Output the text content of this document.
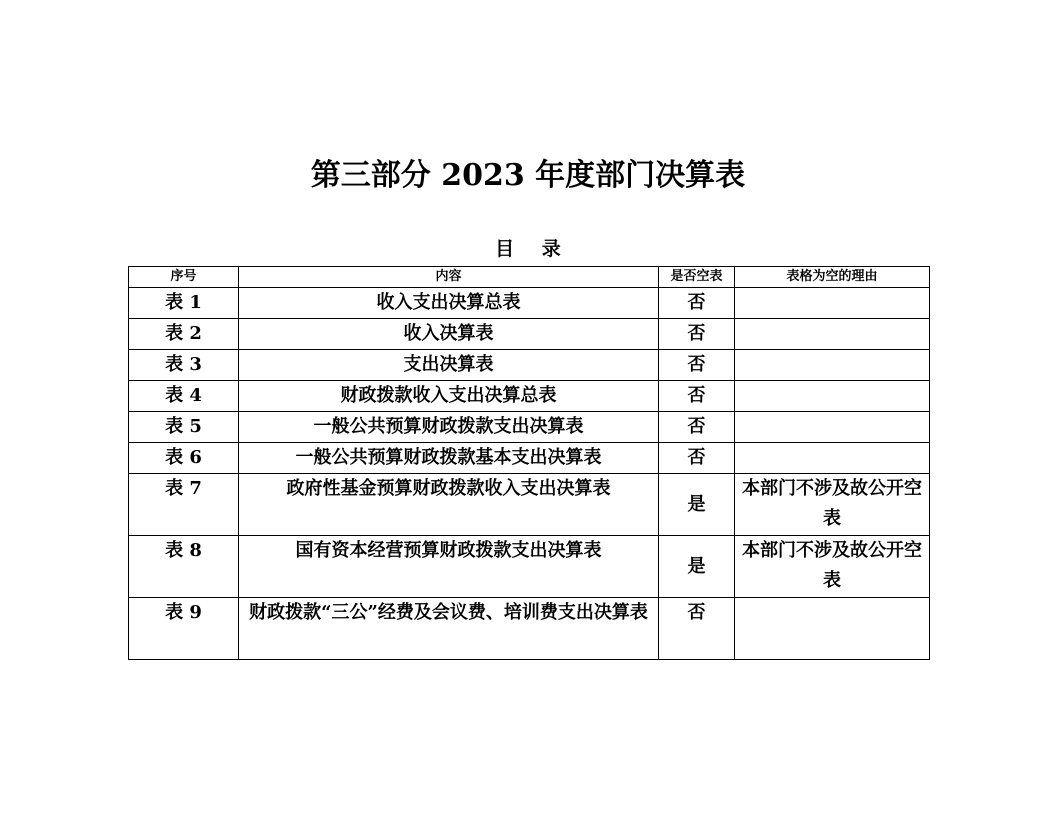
第三部分 2023 年度部门决算表
目 录
序号	内容	是否空表	表格为空的理由
表 1	收入支出决算总表	否	
表 2	收入决算表	否	
表 3	支出决算表	否	
表 4	财政拨款收入支出决算总表	否	
表 5	一般公共预算财政拨款支出决算表	否	
表 6	一般公共预算财政拨款基本支出决算表	否	
表 7	政府性基金预算财政拨款收入支出决算表	是	本部门不涉及故公开空表
表 8	国有资本经营预算财政拨款支出决算表	是	本部门不涉及故公开空表
表 9	财政拨款“三公”经费及会议费、培训费支出决算表	否	
